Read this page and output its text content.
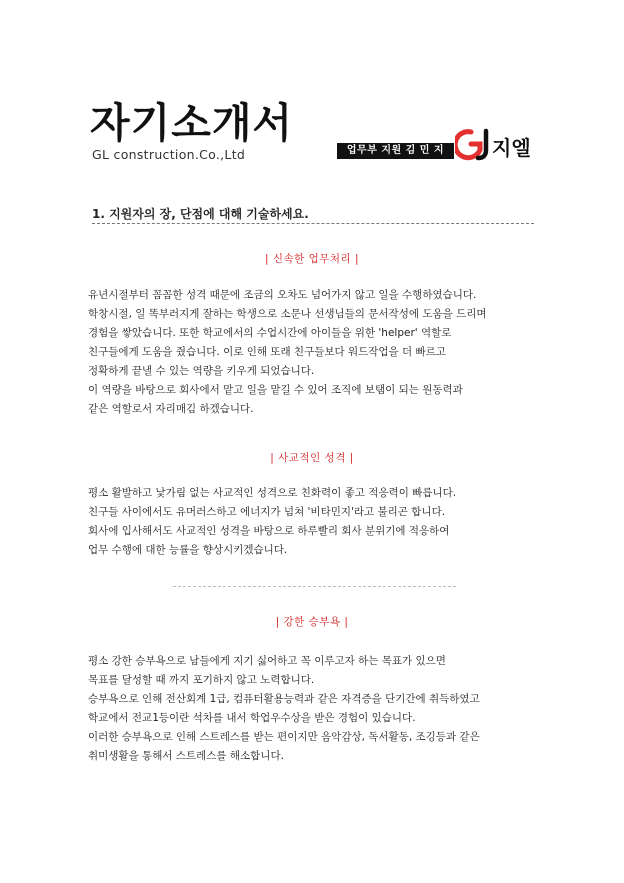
자기소개서
GL construction.Co.,Ltd	업무부 지원 김 민 지	지엘
1. 지원자의 장, 단점에 대해 기술하세요.
| 신속한 업무처리 |
유년시절부터 꼼꼼한 성격 때문에 조금의 오차도 넘어가지 않고 일을 수행하였습니다.
학창시절, 일 똑부러지게 잘하는 학생으로 소문나 선생님들의 문서작성에 도움을 드리며
경험을 쌓았습니다. 또한 학교에서의 수업시간에 아이들을 위한 'helper' 역할로
친구들에게 도움을 줬습니다. 이로 인해 또래 친구들보다 워드작업을 더 빠르고
정확하게 끝낼 수 있는 역량을 키우게 되었습니다.
이 역량을 바탕으로 회사에서 맡고 일을 맡길 수 있어 조직에 보탬이 되는 원동력과
같은 역할로서 자리매김 하겠습니다.
| 사교적인 성격 |
평소 활발하고 낯가림 없는 사교적인 성격으로 친화력이 좋고 적응력이 빠릅니다.
친구들 사이에서도 유머러스하고 에너지가 넘쳐 '비타민지'라고 불리곤 합니다.
회사에 입사해서도 사교적인 성격을 바탕으로 하루빨리 회사 분위기에 적응하여
업무 수행에 대한 능률을 향상시키겠습니다.
| 강한 승부욕 |
평소 강한 승부욕으로 남들에게 지기 싫어하고 꼭 이루고자 하는 목표가 있으면
목표를 달성할 때 까지 포기하지 않고 노력합니다.
승부욕으로 인해 전산회계 1급, 컴퓨터활용능력과 같은 자격증을 단기간에 취득하였고
학교에서 전교1등이란 석차를 내서 학업우수상을 받은 경험이 있습니다.
이러한 승부욕으로 인해 스트레스를 받는 편이지만 음악감상, 독서활동, 조깅등과 같은
취미생활을 통해서 스트레스를 해소합니다.
